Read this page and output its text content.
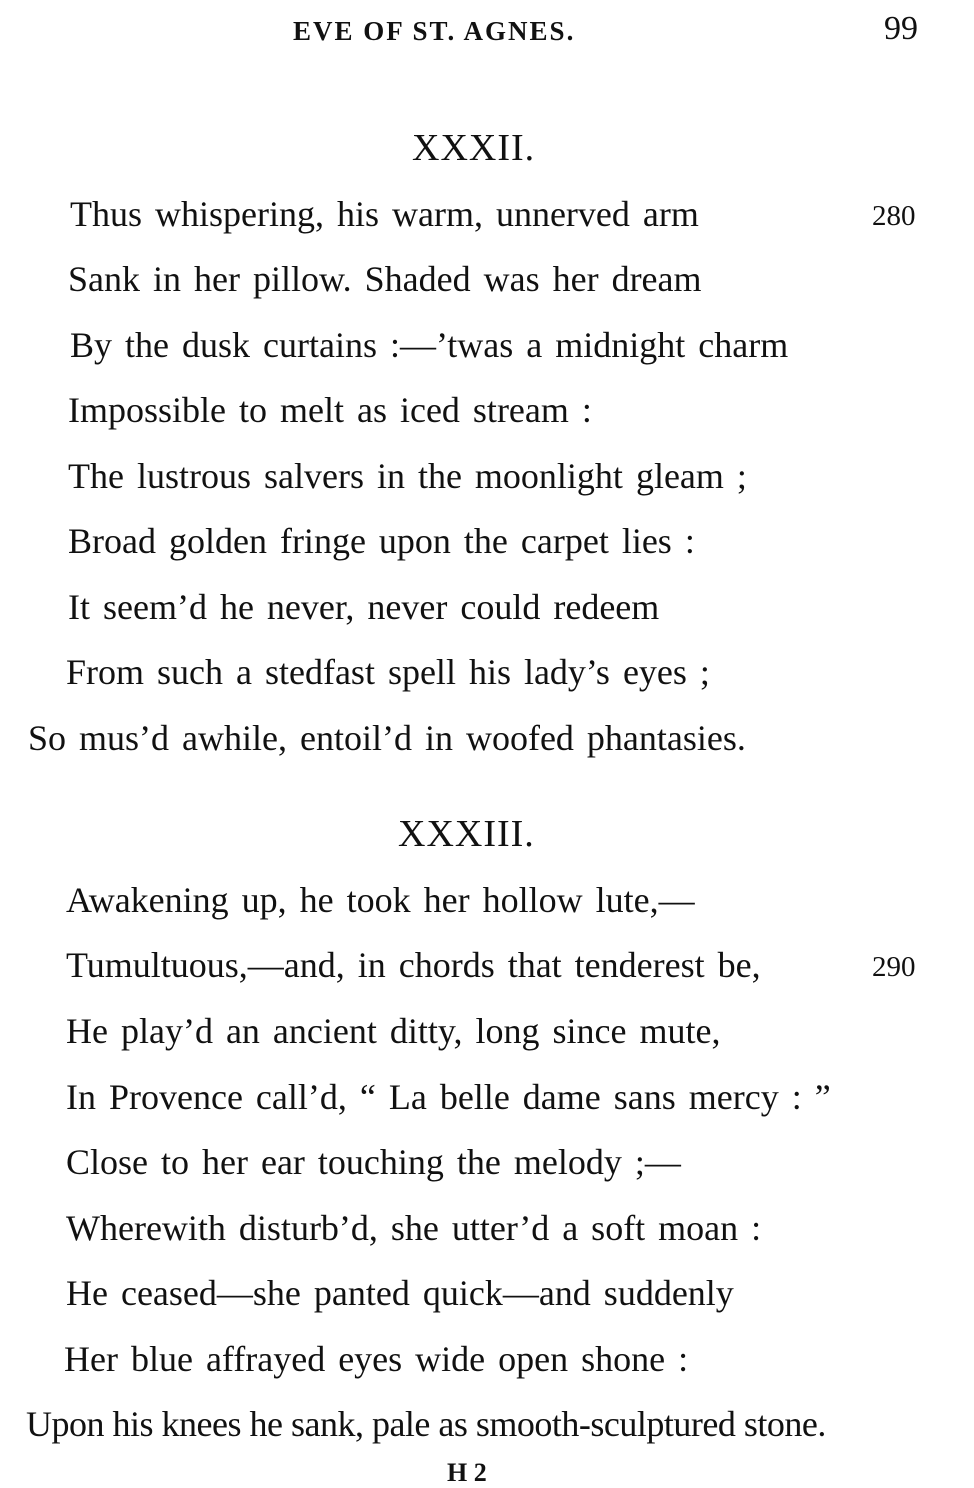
EVE OF ST. AGNES.	99
XXXII.
Thus whispering, his warm, unnerved arm	280
Sank in her pillow. Shaded was her dream
By the dusk curtains :—’twas a midnight charm
Impossible to melt as iced stream :
The lustrous salvers in the moonlight gleam ;
Broad golden fringe upon the carpet lies :
It seem’d he never, never could redeem
From such a stedfast spell his lady’s eyes ;
So mus’d awhile, entoil’d in woofed phantasies.
XXXIII.
Awakening up, he took her hollow lute,—
Tumultuous,—and, in chords that tenderest be,	290
He play’d an ancient ditty, long since mute,
In Provence call’d, “ La belle dame sans mercy : ”
Close to her ear touching the melody ;—
Wherewith disturb’d, she utter’d a soft moan :
He ceased—she panted quick—and suddenly
Her blue affrayed eyes wide open shone :
Upon his knees he sank, pale as smooth-sculptured stone.
H 2
